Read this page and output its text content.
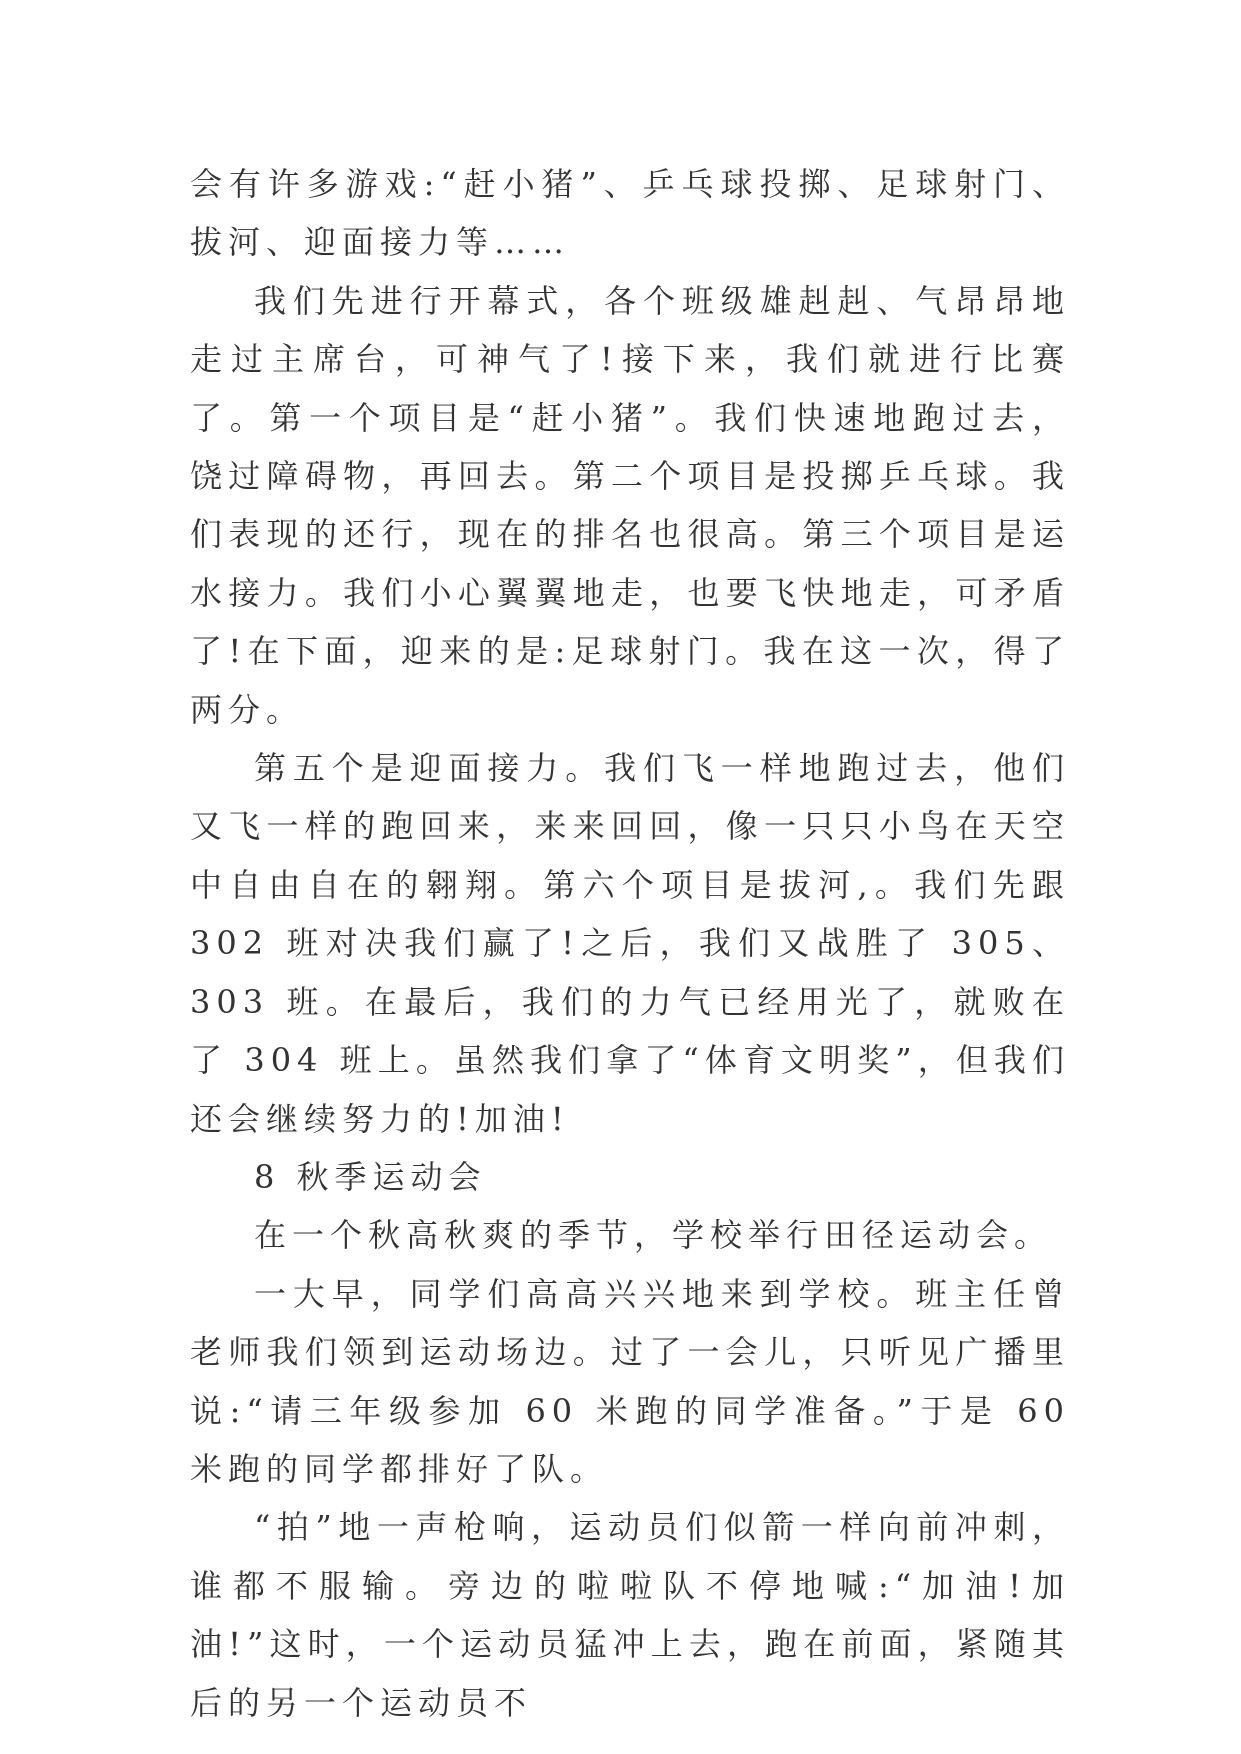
会有许多游戏:“赶小猪”、乒乓球投掷、足球射门、拔河、迎面接力等……

我们先进行开幕式，各个班级雄赳赳、气昂昂地走过主席台，可神气了!接下来，我们就进行比赛了。第一个项目是“赶小猪”。我们快速地跑过去，饶过障碍物，再回去。第二个项目是投掷乒乓球。我们表现的还行，现在的排名也很高。第三个项目是运水接力。我们小心翼翼地走，也要飞快地走，可矛盾了!在下面，迎来的是:足球射门。我在这一次，得了两分。

第五个是迎面接力。我们飞一样地跑过去，他们又飞一样的跑回来，来来回回，像一只只小鸟在天空中自由自在的翱翔。第六个项目是拔河,。我们先跟 302 班对决我们赢了!之后，我们又战胜了 305、303 班。在最后，我们的力气已经用光了，就败在了 304 班上。虽然我们拿了“体育文明奖”，但我们还会继续努力的!加油!

8 秋季运动会

在一个秋高秋爽的季节，学校举行田径运动会。

一大早，同学们高高兴兴地来到学校。班主任曾老师我们领到运动场边。过了一会儿，只听见广播里说:“请三年级参加 60 米跑的同学准备。”于是 60 米跑的同学都排好了队。

“拍”地一声枪响，运动员们似箭一样向前冲刺，谁都不服输。旁边的啦啦队不停地喊:“加油!加油!”这时，一个运动员猛冲上去，跑在前面，紧随其后的另一个运动员不
